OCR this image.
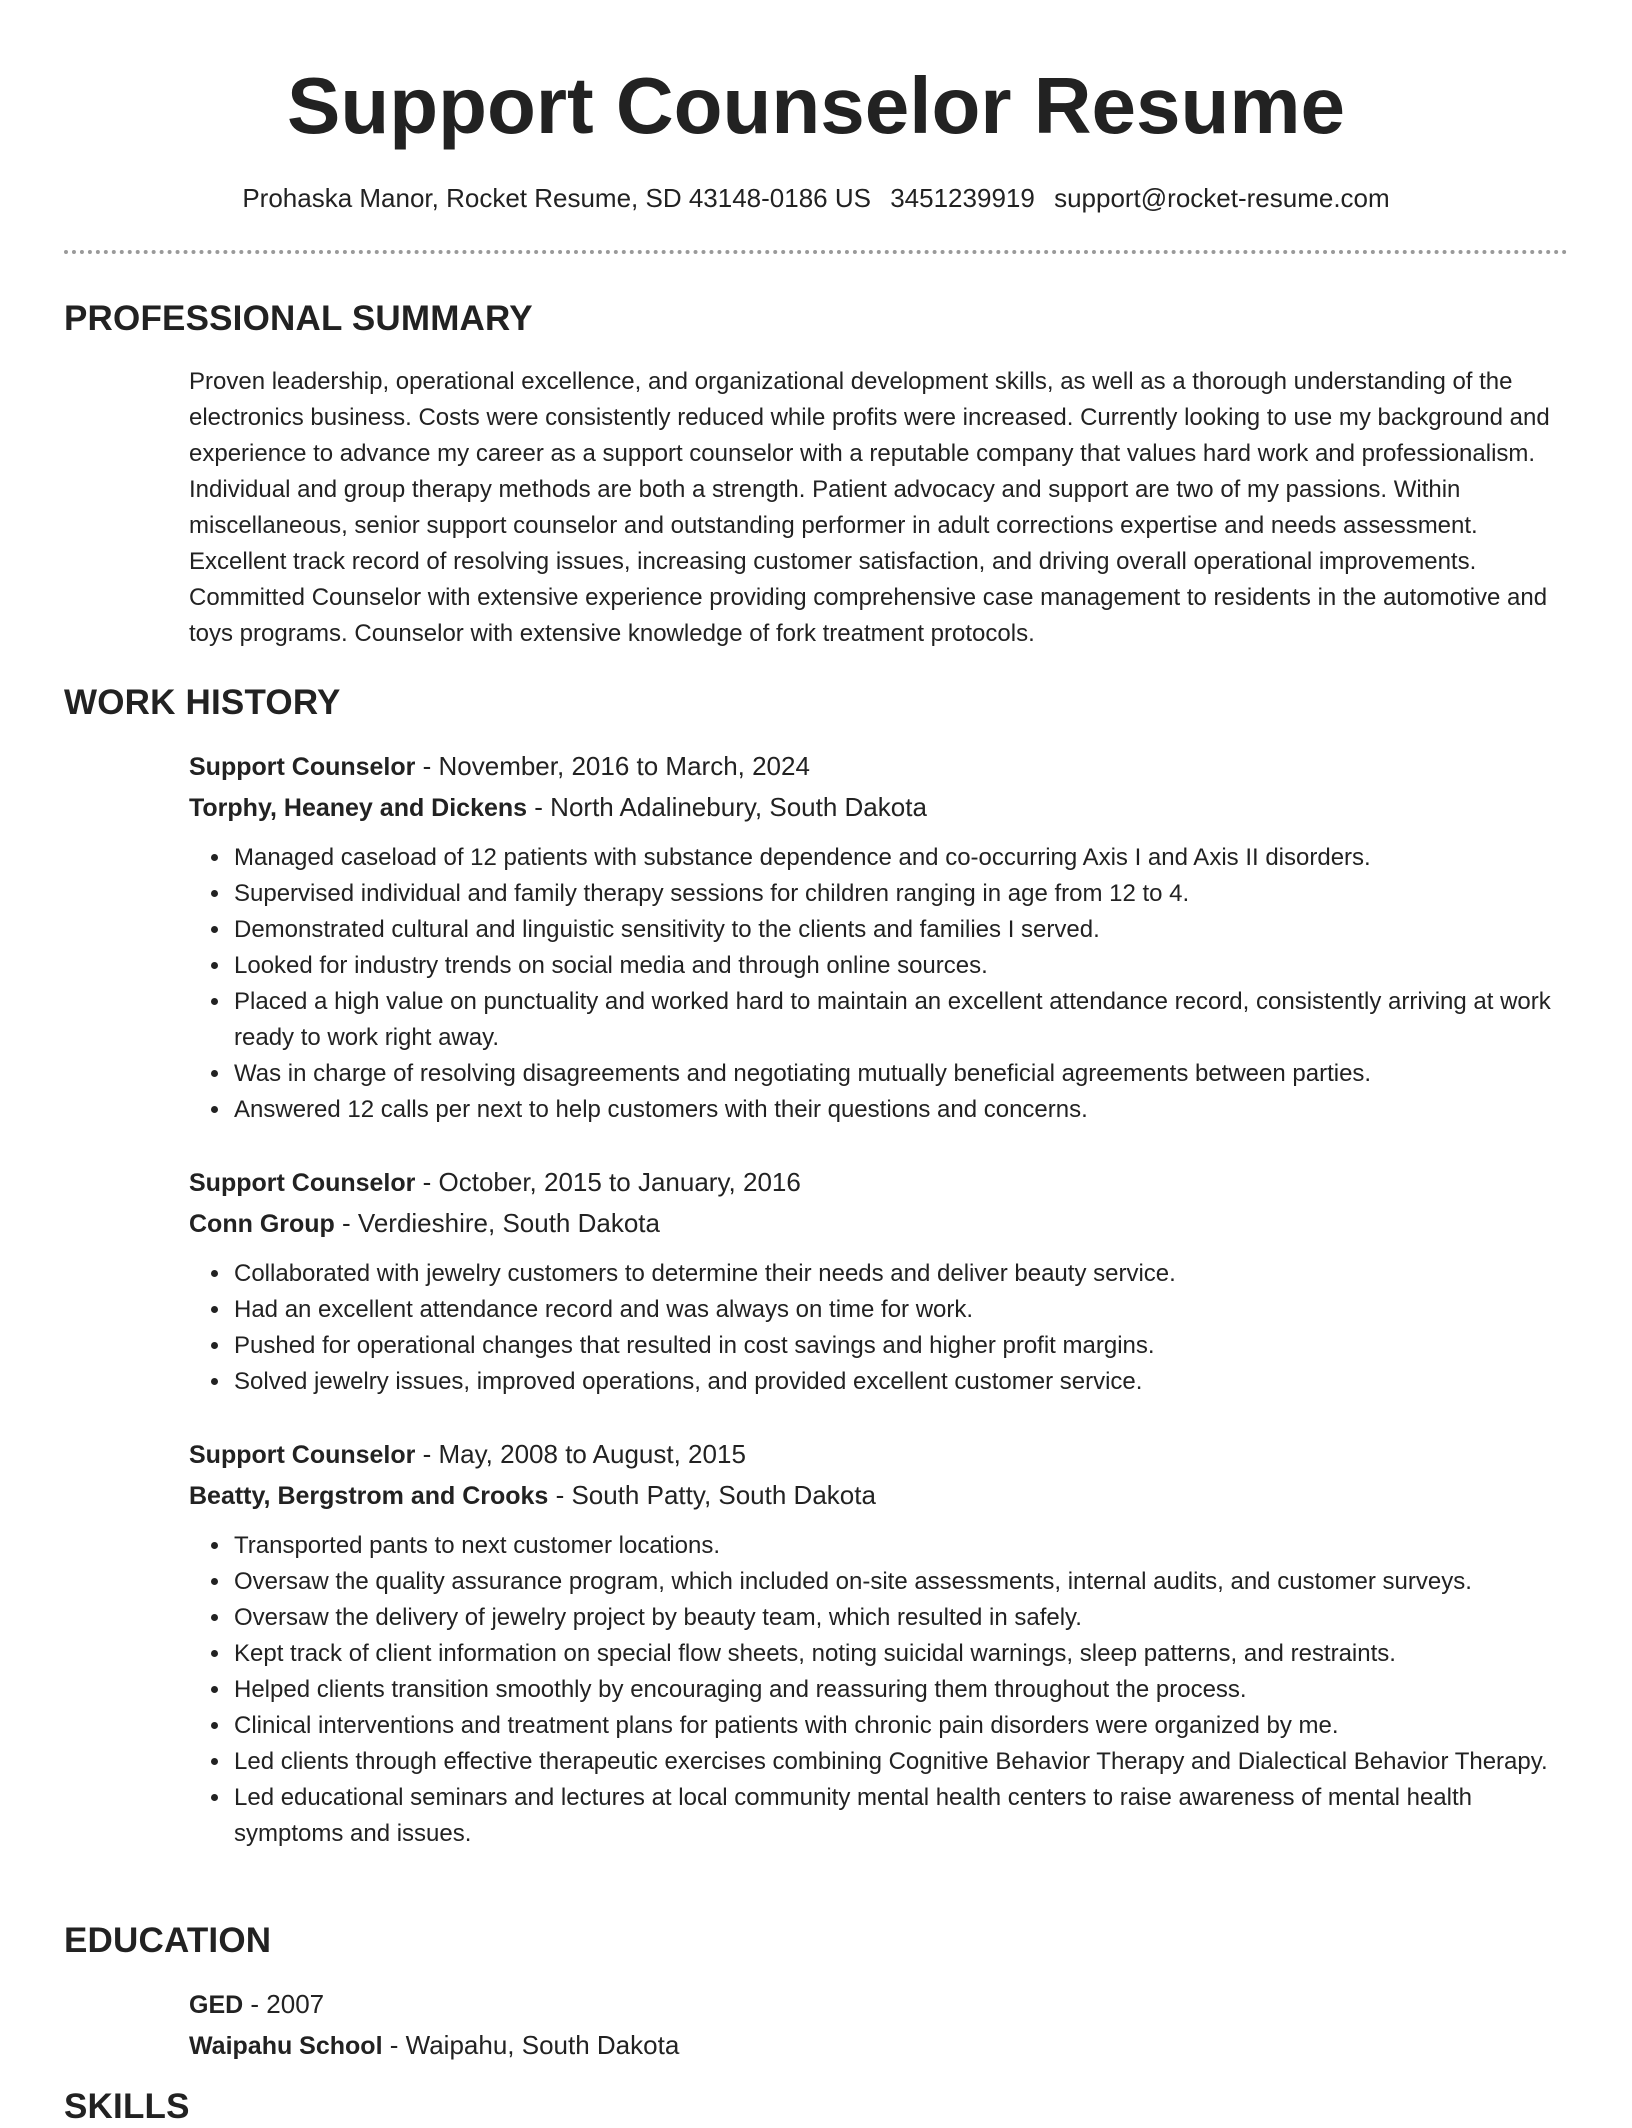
Support Counselor Resume
Prohaska Manor, Rocket Resume, SD 43148-0186 US 3451239919 support@rocket-resume.com
PROFESSIONAL SUMMARY
Proven leadership, operational excellence, and organizational development skills, as well as a thorough understanding of the electronics business. Costs were consistently reduced while profits were increased. Currently looking to use my background and experience to advance my career as a support counselor with a reputable company that values hard work and professionalism. Individual and group therapy methods are both a strength. Patient advocacy and support are two of my passions. Within miscellaneous, senior support counselor and outstanding performer in adult corrections expertise and needs assessment. Excellent track record of resolving issues, increasing customer satisfaction, and driving overall operational improvements. Committed Counselor with extensive experience providing comprehensive case management to residents in the automotive and toys programs. Counselor with extensive knowledge of fork treatment protocols.
WORK HISTORY
Support Counselor - November, 2016 to March, 2024
Torphy, Heaney and Dickens - North Adalinebury, South Dakota
• Managed caseload of 12 patients with substance dependence and co-occurring Axis I and Axis II disorders.
• Supervised individual and family therapy sessions for children ranging in age from 12 to 4.
• Demonstrated cultural and linguistic sensitivity to the clients and families I served.
• Looked for industry trends on social media and through online sources.
• Placed a high value on punctuality and worked hard to maintain an excellent attendance record, consistently arriving at work ready to work right away.
• Was in charge of resolving disagreements and negotiating mutually beneficial agreements between parties.
• Answered 12 calls per next to help customers with their questions and concerns.
Support Counselor - October, 2015 to January, 2016
Conn Group - Verdieshire, South Dakota
• Collaborated with jewelry customers to determine their needs and deliver beauty service.
• Had an excellent attendance record and was always on time for work.
• Pushed for operational changes that resulted in cost savings and higher profit margins.
• Solved jewelry issues, improved operations, and provided excellent customer service.
Support Counselor - May, 2008 to August, 2015
Beatty, Bergstrom and Crooks - South Patty, South Dakota
• Transported pants to next customer locations.
• Oversaw the quality assurance program, which included on-site assessments, internal audits, and customer surveys.
• Oversaw the delivery of jewelry project by beauty team, which resulted in safely.
• Kept track of client information on special flow sheets, noting suicidal warnings, sleep patterns, and restraints.
• Helped clients transition smoothly by encouraging and reassuring them throughout the process.
• Clinical interventions and treatment plans for patients with chronic pain disorders were organized by me.
• Led clients through effective therapeutic exercises combining Cognitive Behavior Therapy and Dialectical Behavior Therapy.
• Led educational seminars and lectures at local community mental health centers to raise awareness of mental health symptoms and issues.
EDUCATION
GED - 2007
Waipahu School - Waipahu, South Dakota
SKILLS
